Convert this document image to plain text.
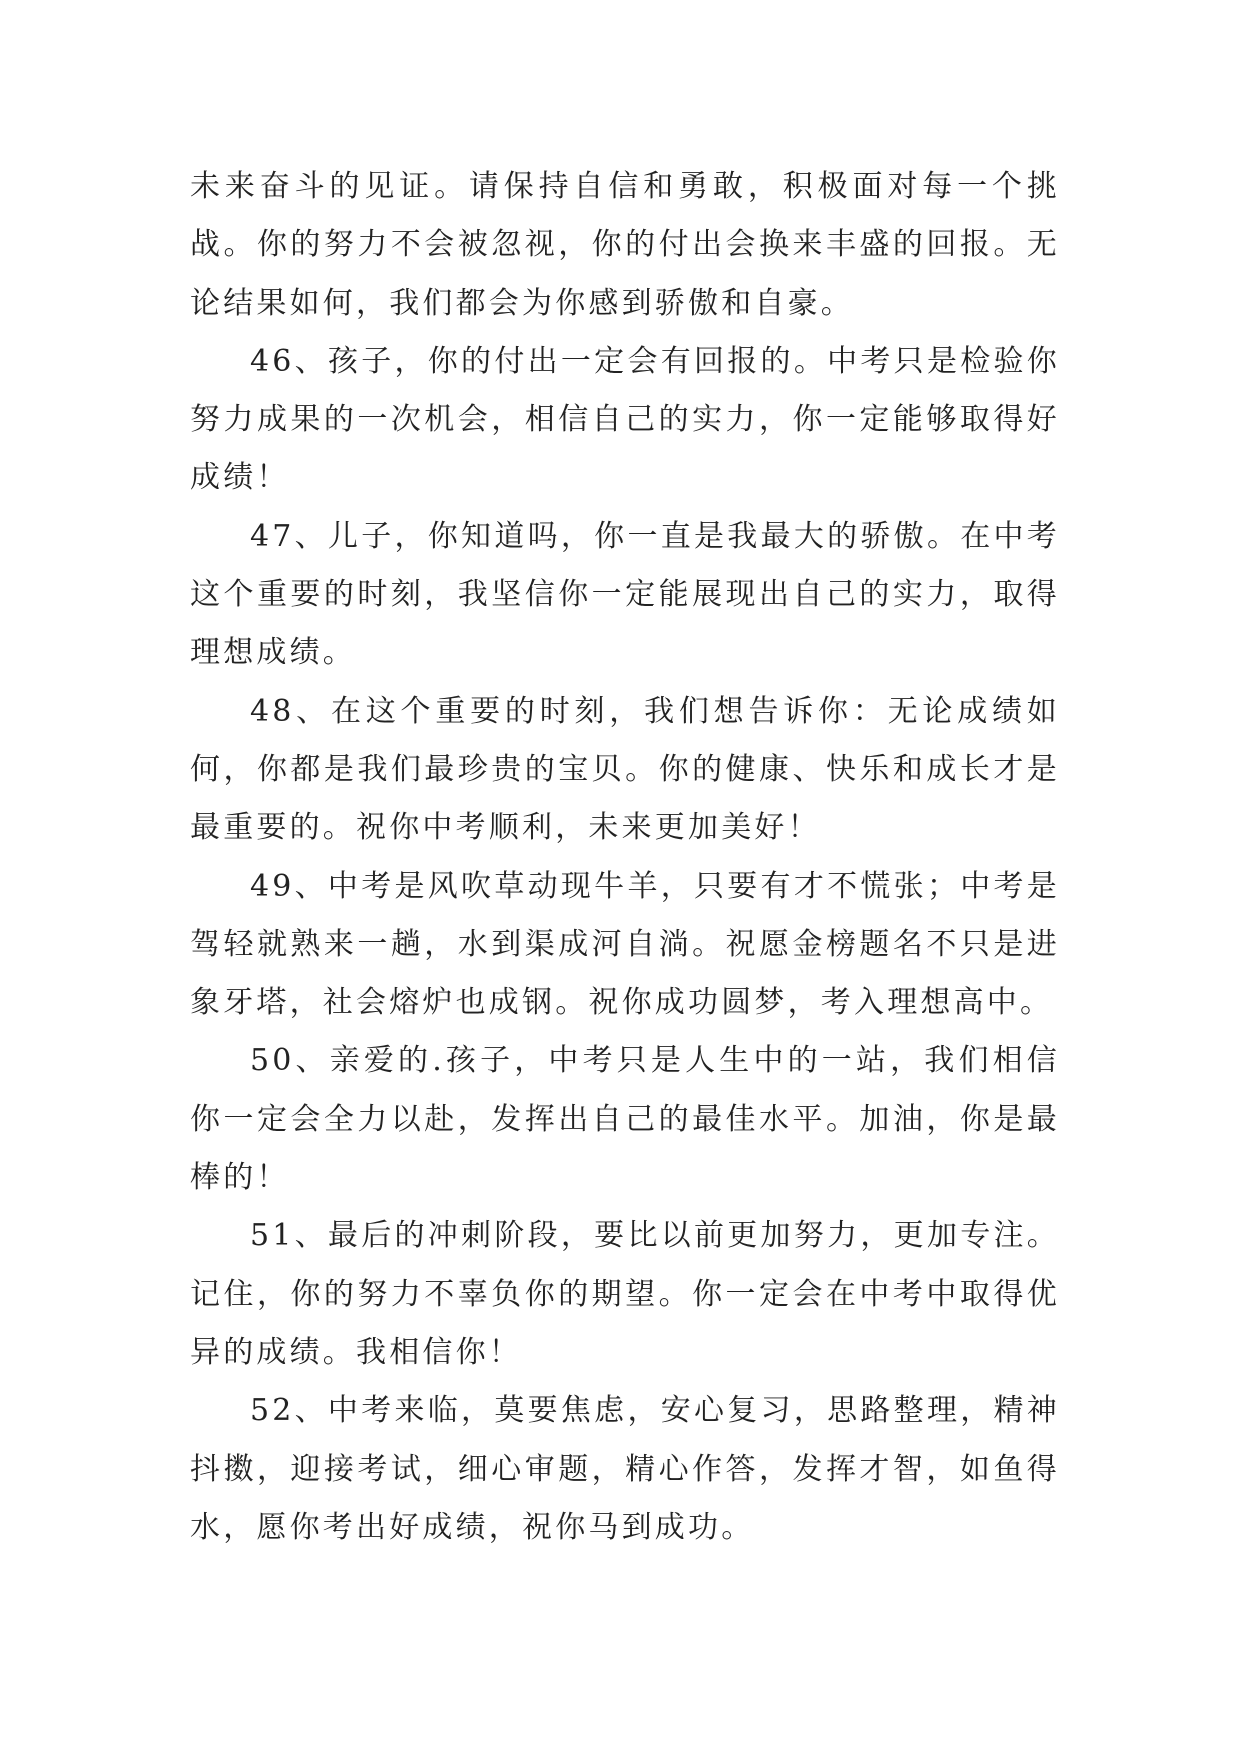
未来奋斗的见证。请保持自信和勇敢，积极面对每一个挑战。你的努力不会被忽视，你的付出会换来丰盛的回报。无论结果如何，我们都会为你感到骄傲和自豪。

46、孩子，你的付出一定会有回报的。中考只是检验你努力成果的一次机会，相信自己的实力，你一定能够取得好成绩！

47、儿子，你知道吗，你一直是我最大的骄傲。在中考这个重要的时刻，我坚信你一定能展现出自己的实力，取得理想成绩。

48、在这个重要的时刻，我们想告诉你：无论成绩如何，你都是我们最珍贵的宝贝。你的健康、快乐和成长才是最重要的。祝你中考顺利，未来更加美好！

49、中考是风吹草动现牛羊，只要有才不慌张；中考是驾轻就熟来一趟，水到渠成河自淌。祝愿金榜题名不只是进象牙塔，社会熔炉也成钢。祝你成功圆梦，考入理想高中。

50、亲爱的.孩子，中考只是人生中的一站，我们相信你一定会全力以赴，发挥出自己的最佳水平。加油，你是最棒的！

51、最后的冲刺阶段，要比以前更加努力，更加专注。记住，你的努力不辜负你的期望。你一定会在中考中取得优异的成绩。我相信你！

52、中考来临，莫要焦虑，安心复习，思路整理，精神抖擞，迎接考试，细心审题，精心作答，发挥才智，如鱼得水，愿你考出好成绩，祝你马到成功。
